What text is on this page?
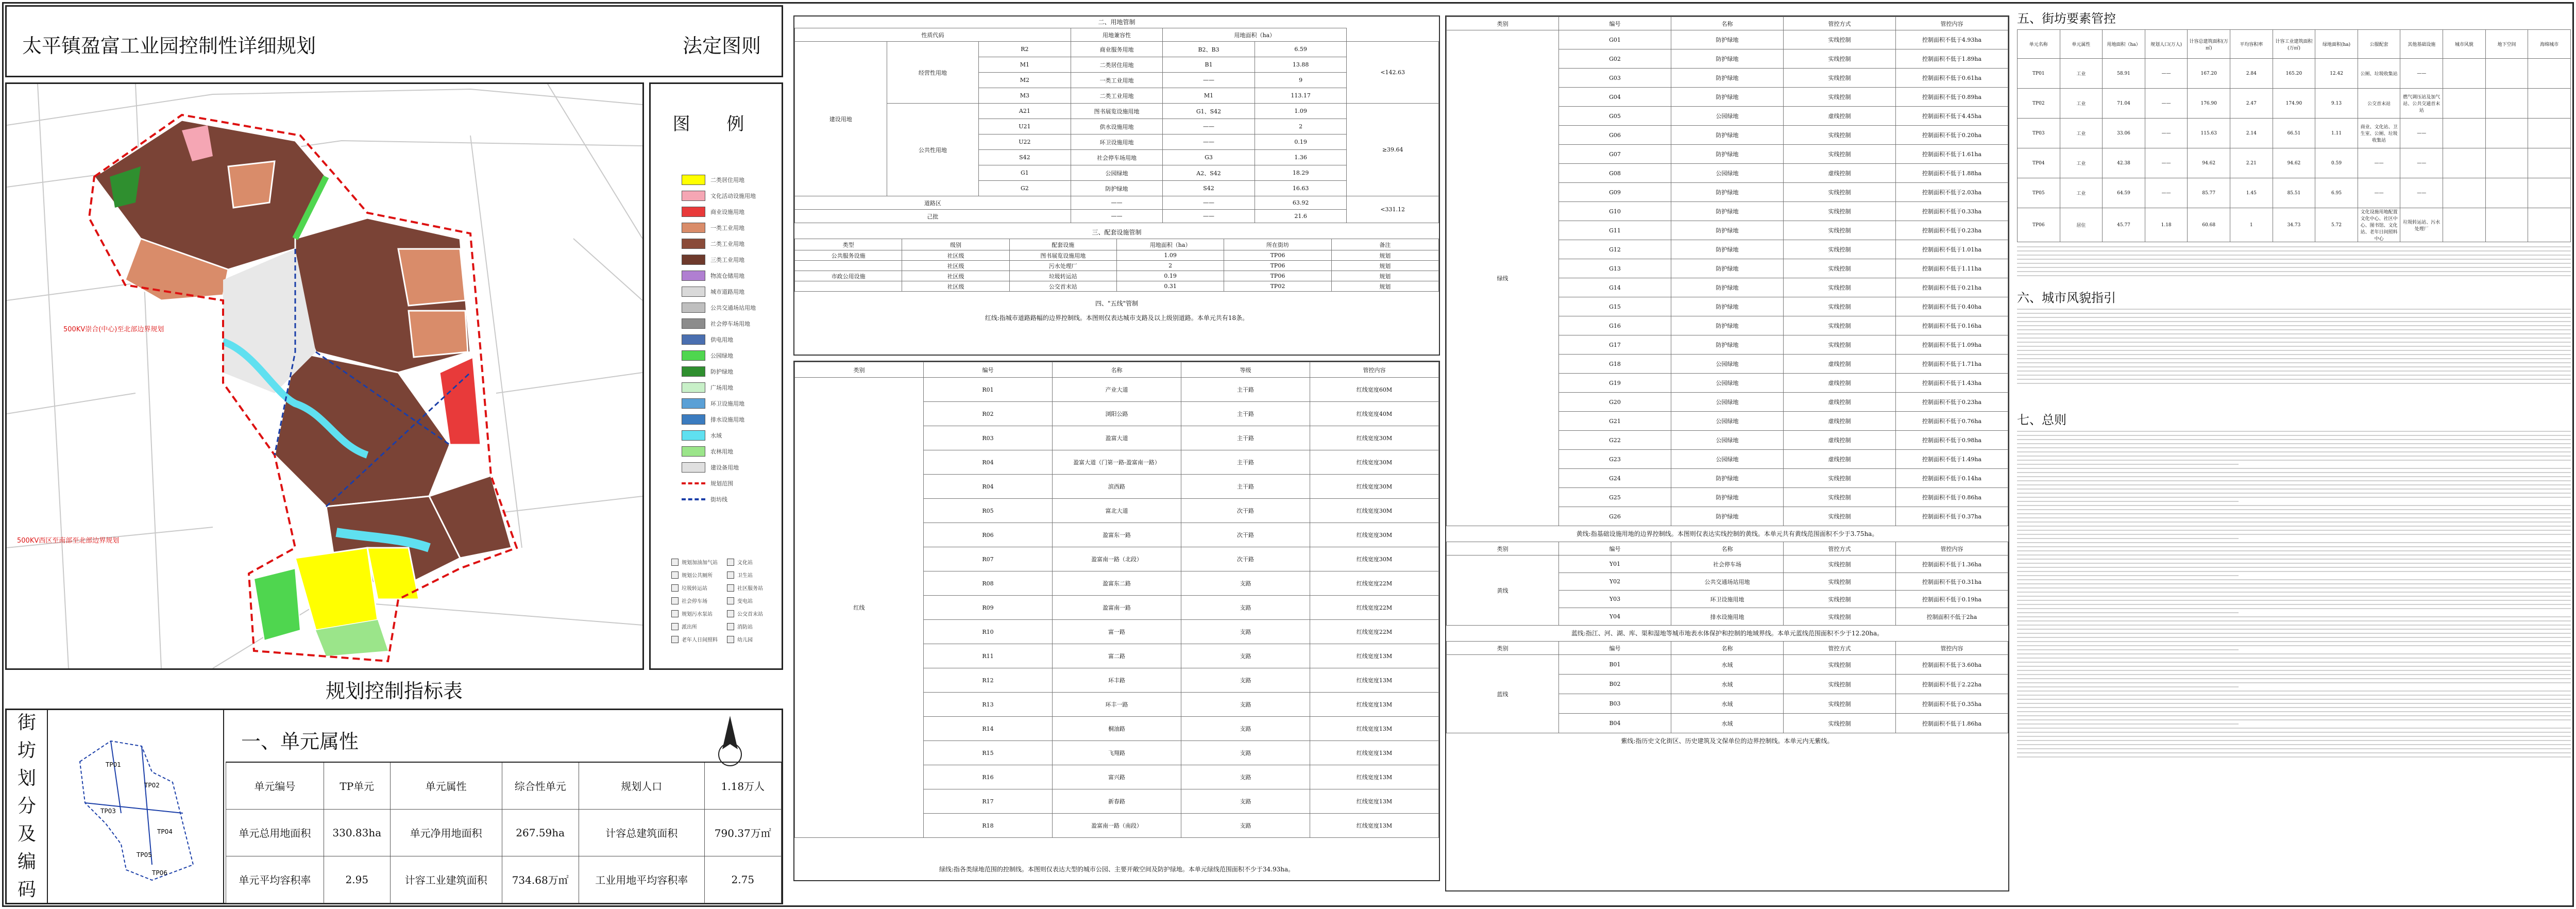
太平镇盈富工业园控制性详细规划	法定图则
500KV崇合(中心)至北部边界规划
500KV西区至南部至北部边界规划
图 例
二类居住用地
文化活动设施用地
商业设施用地
一类工业用地
二类工业用地
三类工业用地
物流仓储用地
城市道路用地
公共交通场站用地
社会停车场用地
供电用地
公园绿地
防护绿地
广场用地
环卫设施用地
排水设施用地
水域
农林用地
建设备用地
规划范围
街坊线
规划加油加气站	文化站
规划公共厕所	卫生站
垃圾转运站	社区服务站
社会停车场	变电站
规划污水泵站	公交首末站
派出所	消防站
老年人日间照料	幼儿园
规划控制指标表
街
坊
划
分
及
编
码
TP01
TP02
TP03
TP04
TP05
TP06
一、单元属性
单元编号	TP单元	单元属性	综合性单元	规划人口	1.18万人
单元总用地面积	330.83ha	单元净用地面积	267.59ha	计容总建筑面积	790.37万㎡
单元平均容积率	2.95	计容工业建筑面积	734.68万㎡	工业用地平均容积率	2.75
二、用地管制
性质代码			用地兼容性	用地面积（ha）		
建设用地	经营性用地	R2	商业服务用地	B2、B3	6.59	<142.63
		M1	二类居住用地	B1	13.88	
		M2	一类工业用地	——	9	
		M3	二类工业用地	M1	113.17	
	公共性用地	A21	图书展览设施用地	G1、S42	1.09	≥39.64
		U21	供水设施用地	——	2	
		U22	环卫设施用地	——	0.19	
		S42	社会停车场用地	G3	1.36	
		G1	公园绿地	A2、S42	18.29	
		G2	防护绿地	S42	16.63	
道路区			——	——	63.92	<331.12
己批			——	——	21.6	
三、配套设施管制
类型	级别	配套设施	用地面积（ha）	所在街坊	备注
公共服务设施	社区级	图书展览设施用地	1.09	TP06	规划
	社区级	污水处理厂	2	TP06	规划
市政公用设施	社区级	垃圾转运站	0.19	TP06	规划
	社区级	公交首末站	0.31	TP02	规划
四、"五线"管制
红线:指城市道路路幅的边界控制线。本图则仅表达城市支路及以上级别道路。本单元共有18条。
类别	编号	名称	等级	管控内容
红线	R01	产业大道	主干路	红线宽度60M
	R02	浏阳公路	主干路	红线宽度40M
	R03	盈富大道	主干路	红线宽度30M
	R04	盈富大道（门第一路-盈富南一路）	主干路	红线宽度30M
	R04	滨西路	主干路	红线宽度30M
	R05	富北大道	次干路	红线宽度30M
	R06	盈富东一路	次干路	红线宽度30M
	R07	盈富南一路（北段）	次干路	红线宽度30M
	R08	盈富东二路	支路	红线宽度22M
	R09	盈富南一路	支路	红线宽度22M
	R10	富一路	支路	红线宽度22M
	R11	富二路	支路	红线宽度13M
	R12	环丰路	支路	红线宽度13M
	R13	环丰一路	支路	红线宽度13M
	R14	桐油路	支路	红线宽度13M
	R15	飞翔路	支路	红线宽度13M
	R16	富兴路	支路	红线宽度13M
	R17	新春路	支路	红线宽度13M
	R18	盈富南一路（南段）	支路	红线宽度13M
绿线:指各类绿地范围的控制线。本图则仅表达大型的城市公园、主要开敞空间及防护绿地。本单元绿线范围面积不少于34.93ha。
类别	编号	名称	管控方式	管控内容
绿线	G01	防护绿地	实线控制	控制面积不低于4.93ha
	G02	防护绿地	实线控制	控制面积不低于1.89ha
	G03	防护绿地	实线控制	控制面积不低于0.61ha
	G04	防护绿地	实线控制	控制面积不低于0.89ha
	G05	公园绿地	虚线控制	控制面积不低于4.45ha
	G06	防护绿地	实线控制	控制面积不低于0.20ha
	G07	防护绿地	实线控制	控制面积不低于1.61ha
	G08	公园绿地	虚线控制	控制面积不低于1.88ha
	G09	防护绿地	实线控制	控制面积不低于2.03ha
	G10	防护绿地	实线控制	控制面积不低于0.33ha
	G11	防护绿地	实线控制	控制面积不低于0.23ha
	G12	防护绿地	实线控制	控制面积不低于1.01ha
	G13	防护绿地	实线控制	控制面积不低于1.11ha
	G14	防护绿地	实线控制	控制面积不低于0.21ha
	G15	防护绿地	实线控制	控制面积不低于0.40ha
	G16	防护绿地	实线控制	控制面积不低于0.16ha
	G17	防护绿地	实线控制	控制面积不低于1.09ha
	G18	公园绿地	虚线控制	控制面积不低于1.71ha
	G19	公园绿地	虚线控制	控制面积不低于1.43ha
	G20	公园绿地	虚线控制	控制面积不低于0.23ha
	G21	公园绿地	虚线控制	控制面积不低于0.76ha
	G22	公园绿地	虚线控制	控制面积不低于0.98ha
	G23	公园绿地	虚线控制	控制面积不低于1.49ha
	G24	防护绿地	实线控制	控制面积不低于0.14ha
	G25	防护绿地	实线控制	控制面积不低于0.86ha
	G26	防护绿地	实线控制	控制面积不低于0.37ha
黄线:指基础设施用地的边界控制线。本图则仅表达实线控制的黄线。本单元共有黄线范围面积不少于3.75ha。
类别	编号	名称	管控方式	管控内容
黄线	Y01	社会停车场	实线控制	控制面积不低于1.36ha
	Y02	公共交通场站用地	实线控制	控制面积不低于0.31ha
	Y03	环卫设施用地	实线控制	控制面积不低于0.19ha
	Y04	排水设施用地	实线控制	控制面积不低于2ha
蓝线:指江、河、湖、库、渠和湿地等城市地表水体保护和控制的地域界线。本单元蓝线范围面积不少于12.20ha。
类别	编号	名称	管控方式	管控内容
蓝线	B01	水域	实线控制	控制面积不低于3.60ha
	B02	水域	实线控制	控制面积不低于2.22ha
	B03	水域	实线控制	控制面积不低于0.35ha
	B04	水域	实线控制	控制面积不低于1.86ha
紫线:指历史文化街区、历史建筑及文保单位的边界控制线。本单元内无紫线。
五、街坊要素管控
单元名称	单元属性	用地面积（ha）	规划人口(万人)	计容总建筑面积(万㎡)	平均容积率	计容工业建筑面积(万㎡)	绿地面积(ha)	公服配套	其他基础设施	城市风貌	地下空间	海绵城市
TP01	工业	58.91	——	167.20	2.84	165.20	12.42	公厕、垃圾收集站	——			
TP02	工业	71.04	——	176.90	2.47	174.90	9.13	公交首末站	燃气调压站及加气站、公共交通首末站			
TP03	工业	33.06	——	115.63	2.14	66.51	1.11	商业、文化站、卫生室、公厕、垃圾收集站	——			
TP04	工业	42.38	——	94.62	2.21	94.62	0.59	——	——			
TP05	工业	64.59	——	85.77	1.45	85.51	6.95	——	——			
TP06	居住	45.77	1.18	60.68	1	34.73	5.72	文化设施用地配置文化中心、社区中心、图书馆、文化站、老年日间照料中心	垃圾转运站、污水处理厂			
六、城市风貌指引
七、总则
